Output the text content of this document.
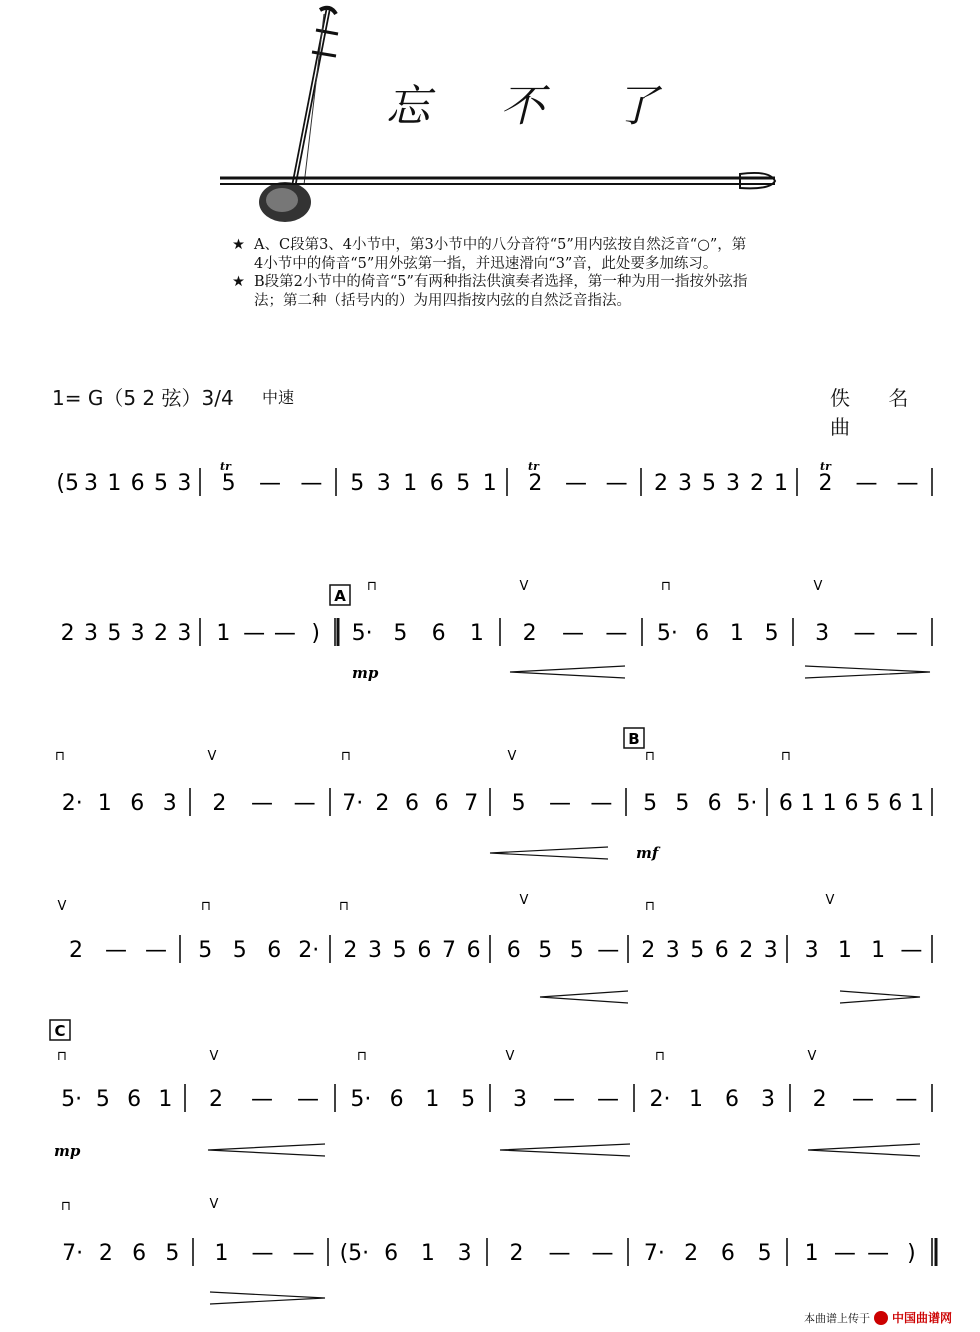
忘 不 了
★ A、C段第3、4小节中，第3小节中的八分音符“5”用内弦按自然泛音“○”，第4小节中的倚音“5”用外弦第一指，并迅速滑向“3”音，此处要多加练习。
★ B段第2小节中的倚音“5”有两种指法供演奏者选择，第一种为用一指按外弦指法；第二种（括号内的）为用四指按内弦的自然泛音指法。
1= G（5 2 弦）3/4 中速	佚 名 曲
(5 3 1 6 5 3 5 — — 5 3 1 6 5 1 2 — — 2 3 5 3 2 1 2 — —
2 3 5 3 2 3 1 — — ) 5· 5 6 1 2 — — 5· 6 1 5 3 — —
2· 1 6 3 2 — — 7· 2 6 6 7 5 — — 5 5 6 5· 6 1 1 6 5 6 1
2 — — 5 5 6 2· 2 3 5 6 7 6 6 5 5 — 2 3 5 6 2 3 3 1 1 —
5· 5 6 1 2 — — 5· 6 1 5 3 — — 2· 1 6 3 2 — —
7· 2 6 5 1 — — (5· 6 1 3 2 — — 7· 2 6 5 1 — — )
A
B
C
mp
mf
mp
tr	tr	tr
V	V
V	V
V	V	V
V	V	V
V
⊓	⊓
⊓	⊓	⊓	⊓
⊓	⊓	⊓
⊓	⊓	⊓
⊓
本曲谱上传于 中国曲谱网
